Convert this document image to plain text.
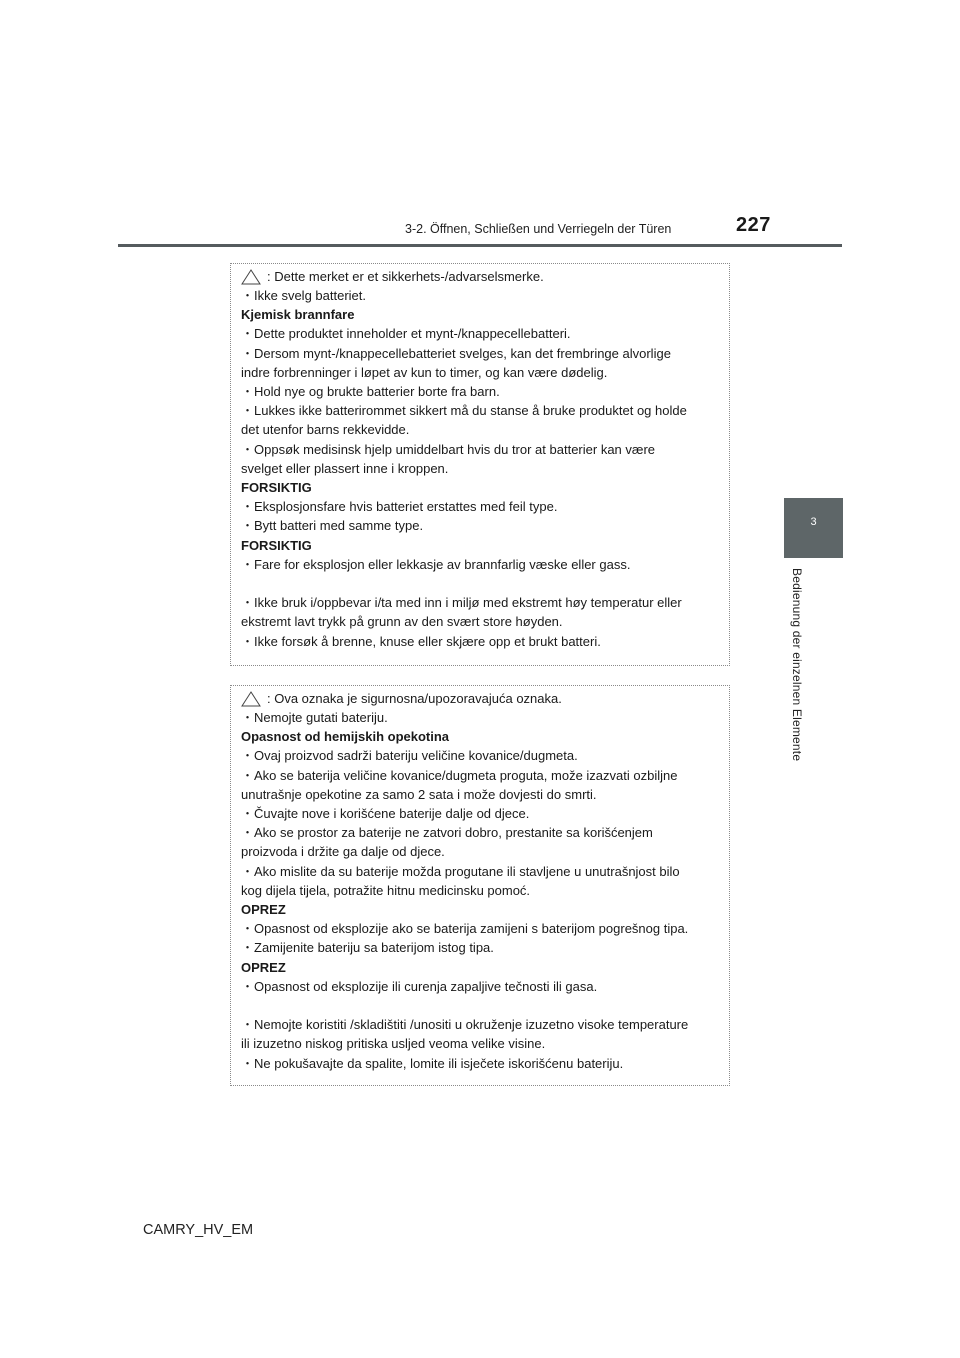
227
3-2. Öffnen, Schließen und Verriegeln der Türen
3
Bedienung der einzelnen Elemente
: Dette merket er et sikkerhets-/advarselsmerke.
・Ikke svelg batteriet.
Kjemisk brannfare
・Dette produktet inneholder et mynt-/knappecellebatteri.
・Dersom mynt-/knappecellebatteriet svelges, kan det frembringe alvorlige
indre forbrenninger i løpet av kun to timer, og kan være dødelig.
・Hold nye og brukte batterier borte fra barn.
・Lukkes ikke batterirommet sikkert må du stanse å bruke produktet og holde
det utenfor barns rekkevidde.
・Oppsøk medisinsk hjelp umiddelbart hvis du tror at batterier kan være
svelget eller plassert inne i kroppen.
FORSIKTIG
・Eksplosjonsfare hvis batteriet erstattes med feil type.
・Bytt batteri med samme type.
FORSIKTIG
・Fare for eksplosjon eller lekkasje av brannfarlig væske eller gass.
・Ikke bruk i/oppbevar i/ta med inn i miljø med ekstremt høy temperatur eller
ekstremt lavt trykk på grunn av den svært store høyden.
・Ikke forsøk å brenne, knuse eller skjære opp et brukt batteri.
: Ova oznaka je sigurnosna/upozoravajuća oznaka.
・Nemojte gutati bateriju.
Opasnost od hemijskih opekotina
・Ovaj proizvod sadrži bateriju veličine kovanice/dugmeta.
・Ako se baterija veličine kovanice/dugmeta proguta, može izazvati ozbiljne
unutrašnje opekotine za samo 2 sata i može dovjesti do smrti.
・Čuvajte nove i korišćene baterije dalje od djece.
・Ako se prostor za baterije ne zatvori dobro, prestanite sa korišćenjem
proizvoda i držite ga dalje od djece.
・Ako mislite da su baterije možda progutane ili stavljene u unutrašnjost bilo
kog dijela tijela, potražite hitnu medicinsku pomoć.
OPREZ
・Opasnost od eksplozije ako se baterija zamijeni s baterijom pogrešnog tipa.
・Zamijenite bateriju sa baterijom istog tipa.
OPREZ
・Opasnost od eksplozije ili curenja zapaljive tečnosti ili gasa.
・Nemojte koristiti /skladištiti /unositi u okruženje izuzetno visoke temperature
ili izuzetno niskog pritiska usljed veoma velike visine.
・Ne pokušavajte da spalite, lomite ili isječete iskorišćenu bateriju.
CAMRY_HV_EM
